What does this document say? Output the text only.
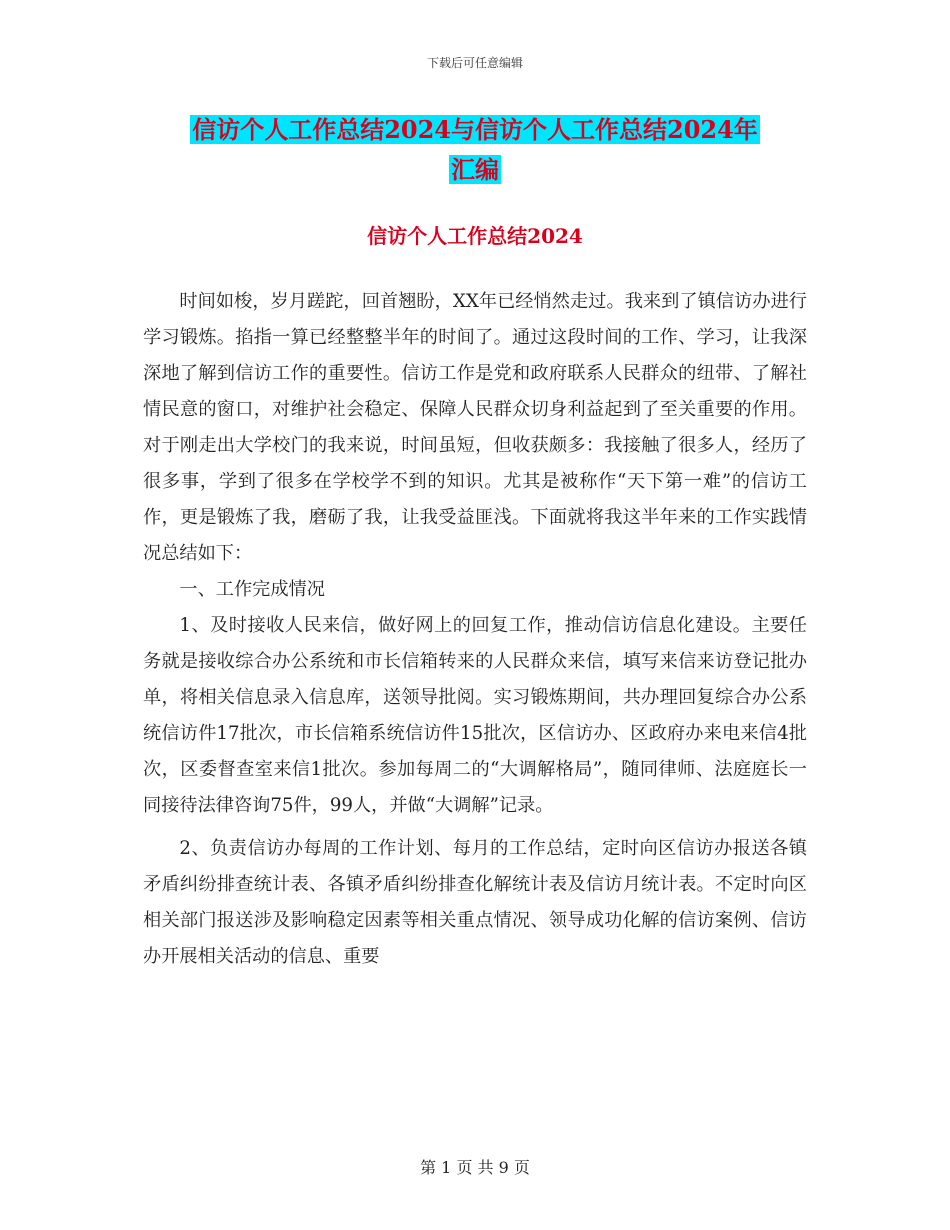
下载后可任意编辑
信访个人工作总结2024与信访个人工作总结2024年
汇编
信访个人工作总结2024

时间如梭，岁月蹉跎，回首翘盼，XX年已经悄然走过。我来到了镇信访办进行学习锻炼。掐指一算已经整整半年的时间了。通过这段时间的工作、学习，让我深深地了解到信访工作的重要性。信访工作是党和政府联系人民群众的纽带、了解社情民意的窗口，对维护社会稳定、保障人民群众切身利益起到了至关重要的作用。对于刚走出大学校门的我来说，时间虽短，但收获颇多：我接触了很多人，经历了很多事，学到了很多在学校学不到的知识。尤其是被称作“天下第一难”的信访工作，更是锻炼了我，磨砺了我，让我受益匪浅。下面就将我这半年来的工作实践情况总结如下：

一、工作完成情况

1、及时接收人民来信，做好网上的回复工作，推动信访信息化建设。主要任务就是接收综合办公系统和市长信箱转来的人民群众来信，填写来信来访登记批办单，将相关信息录入信息库，送领导批阅。实习锻炼期间，共办理回复综合办公系统信访件17批次，市长信箱系统信访件15批次，区信访办、区政府办来电来信4批次，区委督查室来信1批次。参加每周二的“大调解格局”，随同律师、法庭庭长一同接待法律咨询75件，99人，并做“大调解”记录。

2、负责信访办每周的工作计划、每月的工作总结，定时向区信访办报送各镇矛盾纠纷排查统计表、各镇矛盾纠纷排查化解统计表及信访月统计表。不定时向区相关部门报送涉及影响稳定因素等相关重点情况、领导成功化解的信访案例、信访办开展相关活动的信息、重要

第 1 页 共 9 页
